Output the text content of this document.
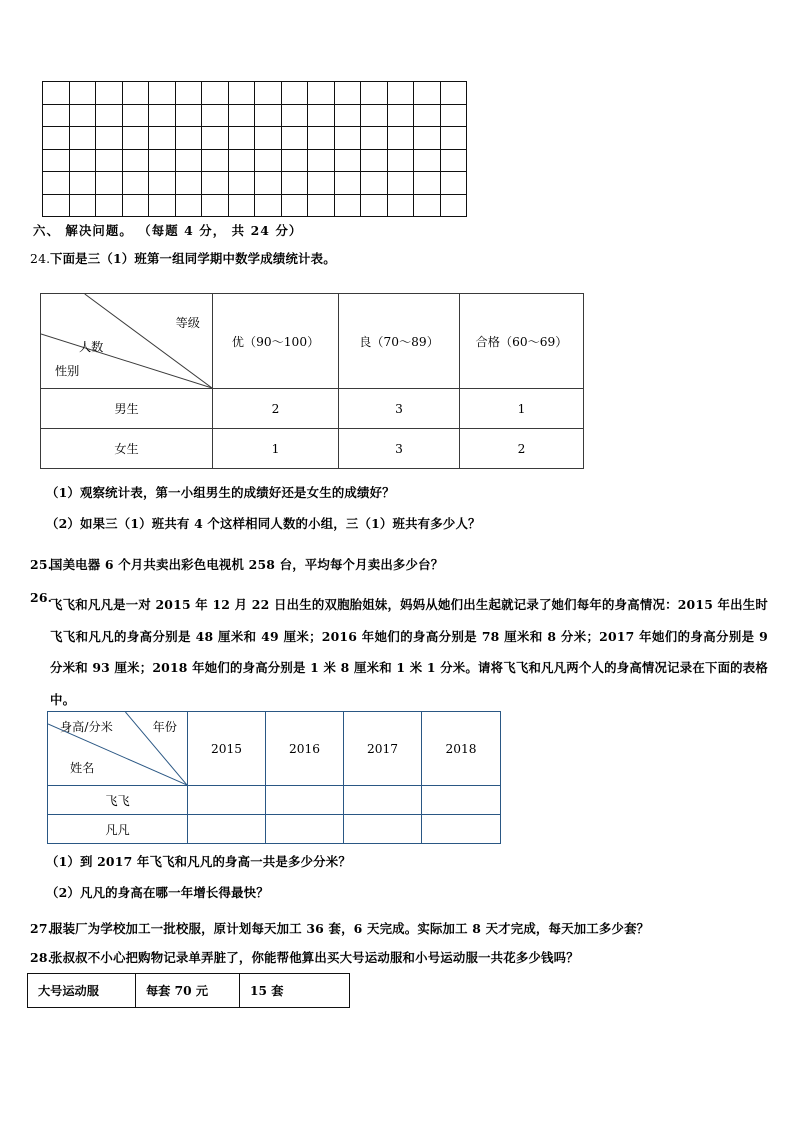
六、 解决问题。 （每题 4 分， 共 24 分）
24. 下面是三（1）班第一组同学期中数学成绩统计表。
等级
人数
性别	优（90～100）	良（70～89）	合格（60～69）
男生	2	3	1
女生	1	3	2
（1）观察统计表，第一小组男生的成绩好还是女生的成绩好？
（2）如果三（1）班共有 4 个这样相同人数的小组，三（1）班共有多少人？
25.
国美电器 6 个月共卖出彩色电视机 258 台，平均每个月卖出多少台？
26.
飞飞和凡凡是一对 2015 年 12 月 22 日出生的双胞胎姐妹，妈妈从她们出生起就记录了她们每年的身高情况：2015 年出生时飞飞和凡凡的身高分别是 48 厘米和 49 厘米；2016 年她们的身高分别是 78 厘米和 8 分米；2017 年她们的身高分别是 9 分米和 93 厘米；2018 年她们的身高分别是 1 米 8 厘米和 1 米 1 分米。请将飞飞和凡凡两个人的身高情况记录在下面的表格中。
身高/分米 年份
姓名	2015	2016	2017	2018
飞飞				
凡凡				
（1）到 2017 年飞飞和凡凡的身高一共是多少分米？
（2）凡凡的身高在哪一年增长得最快？
27.
服装厂为学校加工一批校服，原计划每天加工 36 套，6 天完成。实际加工 8 天才完成，每天加工多少套？
28.
张叔叔不小心把购物记录单弄脏了，你能帮他算出买大号运动服和小号运动服一共花多少钱吗？
大号运动服	每套 70 元	15 套
